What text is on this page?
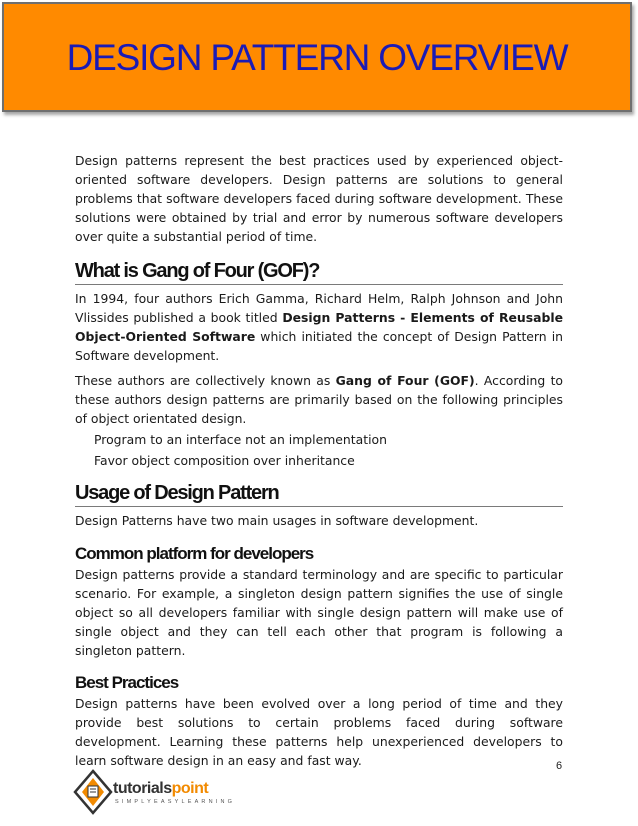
DESIGN PATTERN OVERVIEW

Design patterns represent the best practices used by experienced object-oriented software developers. Design patterns are solutions to general problems that software developers faced during software development. These solutions were obtained by trial and error by numerous software developers over quite a substantial period of time.

What is Gang of Four (GOF)?

In 1994, four authors Erich Gamma, Richard Helm, Ralph Johnson and John Vlissides published a book titled Design Patterns - Elements of Reusable Object-Oriented Software which initiated the concept of Design Pattern in Software development.

These authors are collectively known as Gang of Four (GOF). According to these authors design patterns are primarily based on the following principles of object orientated design.

Program to an interface not an implementation
Favor object composition over inheritance
Usage of Design Pattern

Design Patterns have two main usages in software development.

Common platform for developers

Design patterns provide a standard terminology and are specific to particular scenario. For example, a singleton design pattern signifies the use of single object so all developers familiar with single design pattern will make use of single object and they can tell each other that program is following a singleton pattern.

Best Practices

Design patterns have been evolved over a long period of time and they provide best solutions to certain problems faced during software development. Learning these patterns help unexperienced developers to learn software design in an easy and fast way.	6
tutorialspoint
SIMPLYEASYLEARNING
